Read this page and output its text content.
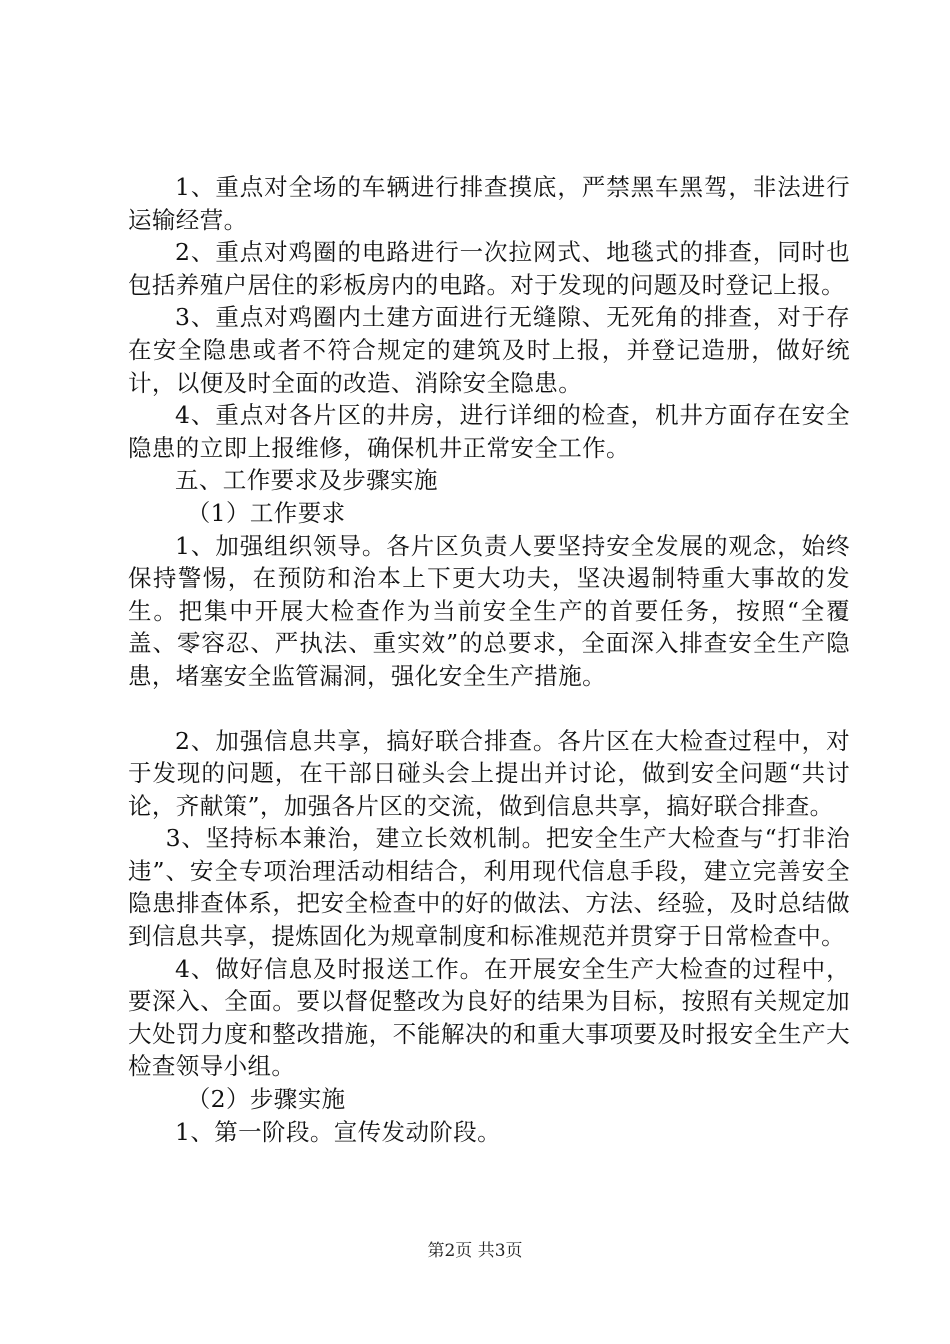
1、重点对全场的车辆进行排查摸底，严禁黑车黑驾，非法进行运输经营。

2、重点对鸡圈的电路进行一次拉网式、地毯式的排查，同时也包括养殖户居住的彩板房内的电路。对于发现的问题及时登记上报。

3、重点对鸡圈内土建方面进行无缝隙、无死角的排查，对于存在安全隐患或者不符合规定的建筑及时上报，并登记造册，做好统计，以便及时全面的改造、消除安全隐患。

4、重点对各片区的井房，进行详细的检查，机井方面存在安全隐患的立即上报维修，确保机井正常安全工作。

五、工作要求及步骤实施

（1）工作要求

1、加强组织领导。各片区负责人要坚持安全发展的观念，始终保持警惕，在预防和治本上下更大功夫，坚决遏制特重大事故的发生。把集中开展大检查作为当前安全生产的首要任务，按照“全覆盖、零容忍、严执法、重实效”的总要求，全面深入排查安全生产隐患，堵塞安全监管漏洞，强化安全生产措施。

2、加强信息共享，搞好联合排查。各片区在大检查过程中，对于发现的问题，在干部日碰头会上提出并讨论，做到安全问题“共讨论，齐献策”，加强各片区的交流，做到信息共享，搞好联合排查。

3、坚持标本兼治，建立长效机制。把安全生产大检查与“打非治违”、安全专项治理活动相结合，利用现代信息手段，建立完善安全隐患排查体系，把安全检查中的好的做法、方法、经验，及时总结做到信息共享，提炼固化为规章制度和标准规范并贯穿于日常检查中。

4、做好信息及时报送工作。在开展安全生产大检查的过程中，要深入、全面。要以督促整改为良好的结果为目标，按照有关规定加大处罚力度和整改措施，不能解决的和重大事项要及时报安全生产大检查领导小组。

（2）步骤实施

1、第一阶段。宣传发动阶段。

第2页 共3页
